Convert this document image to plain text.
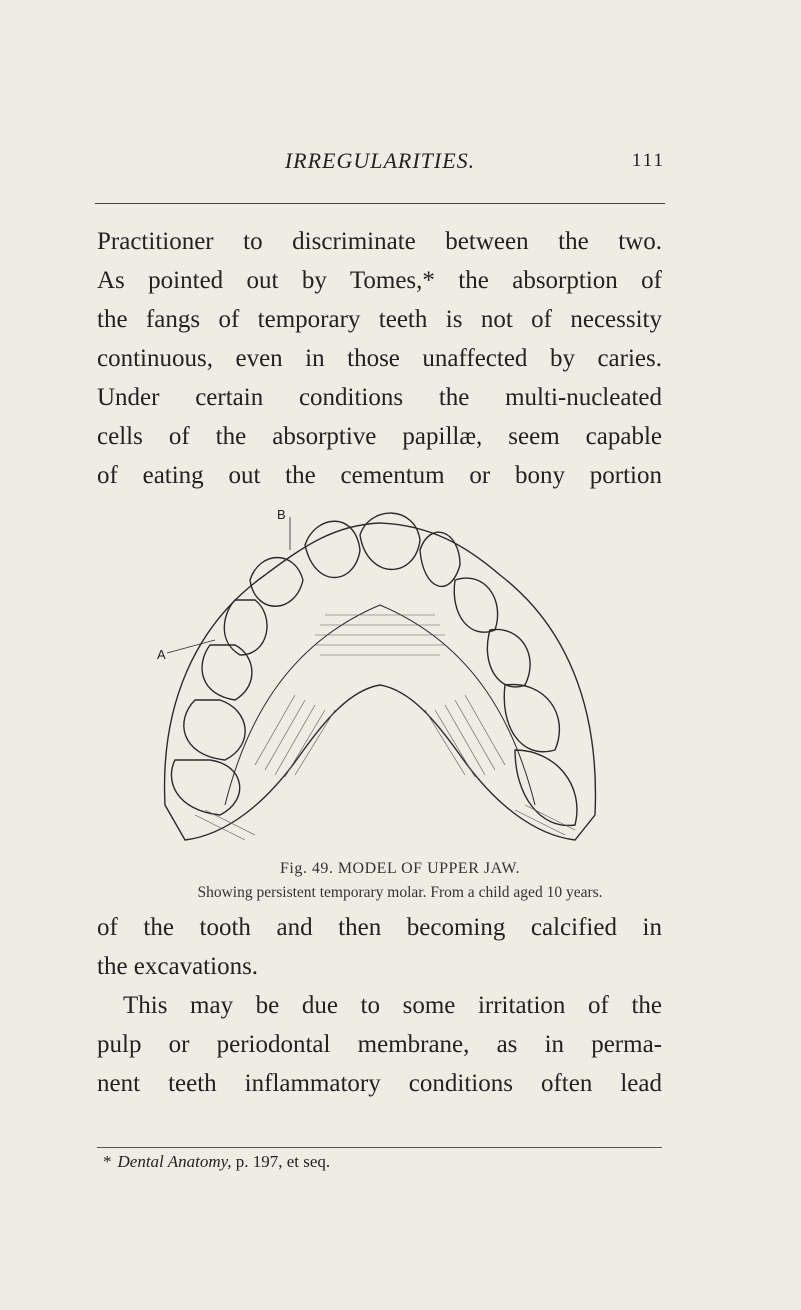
IRREGULARITIES.	111

Practitioner to discriminate between the two.
As pointed out by Tomes,* the absorption of
the fangs of temporary teeth is not of necessity
continuous, even in those unaffected by caries.
Under certain conditions the multi-nucleated
cells of the absorptive papillæ, seem capable
of eating out the cementum or bony portion

B
A
Fig. 49. MODEL OF UPPER JAW.
Showing persistent temporary molar. From a child aged 10 years.

of the tooth and then becoming calcified in
the excavations.
This may be due to some irritation of the
pulp or periodontal membrane, as in perma-
nent teeth inflammatory conditions often lead

* Dental Anatomy, p. 197, et seq.
